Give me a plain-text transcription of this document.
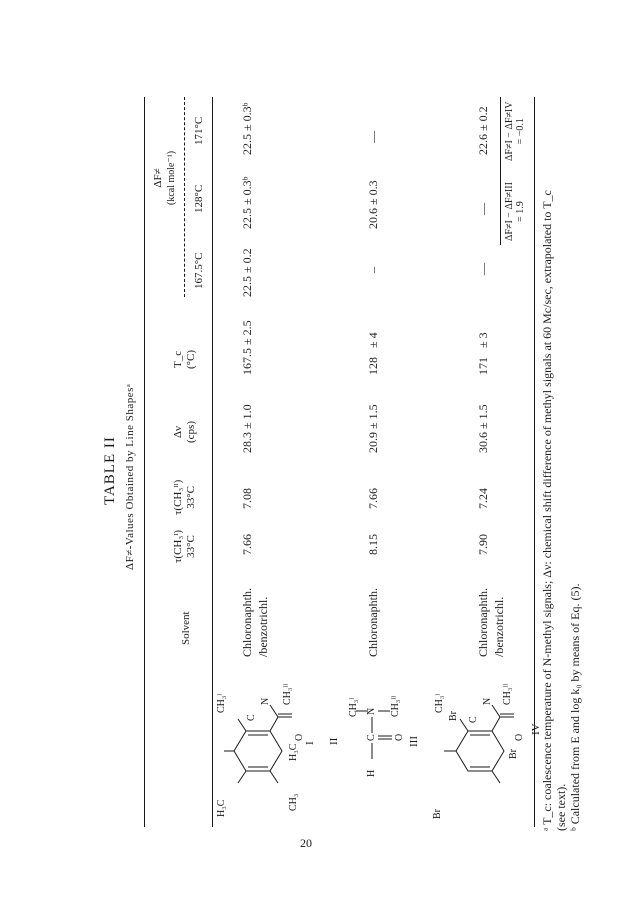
TABLE II ΔF≠-Values Obtained by Line Shapesᵃ
Solvent
τ(CH₃ᴵ) 33°C
τ(CH₃ᴵᴵ) 33°C
Δν (cps)
T_c (°C)
ΔF≠ (kcal mole⁻¹)
167.5°C
128°C
171°C
H₃C	CH₃
CH₃ᴵ
C
N CH₃ᴵᴵ
O
H₃C
I
Chloronaphth. /benzotrichl.
7.66
7.08
28.3 ± 1.0
167.5 ± 2.5
22.5 ± 0.2
22.5 ± 0.3ᵇ
22.5 ± 0.3ᵇ
II
H
CH₃ᴵ
C
N
O
CH₃ᴵᴵ
III
Chloronaphth.
8.15
7.66
20.9 ± 1.5
128   ± 4
–
20.6 ± 0.3
—
Br
Br
CH₃ᴵ
C
N CH₃ᴵᴵ
O
Br
IV
Chloronaphth. /benzotrichl.
7.90
7.24
30.6 ± 1.5
171   ± 3
—
—
22.6 ± 0.2
ΔF≠I − ΔF≠III = 1.9
ΔF≠I − ΔF≠IV = −0.1
ᵃ T_c: coalescence temperature of N-methyl signals; Δν: chemical shift difference of methyl signals at 60 Mc/sec, extrapolated to T_c (see text). ᵇ Calculated from E and log k₀ by means of Eq. (5).
20
